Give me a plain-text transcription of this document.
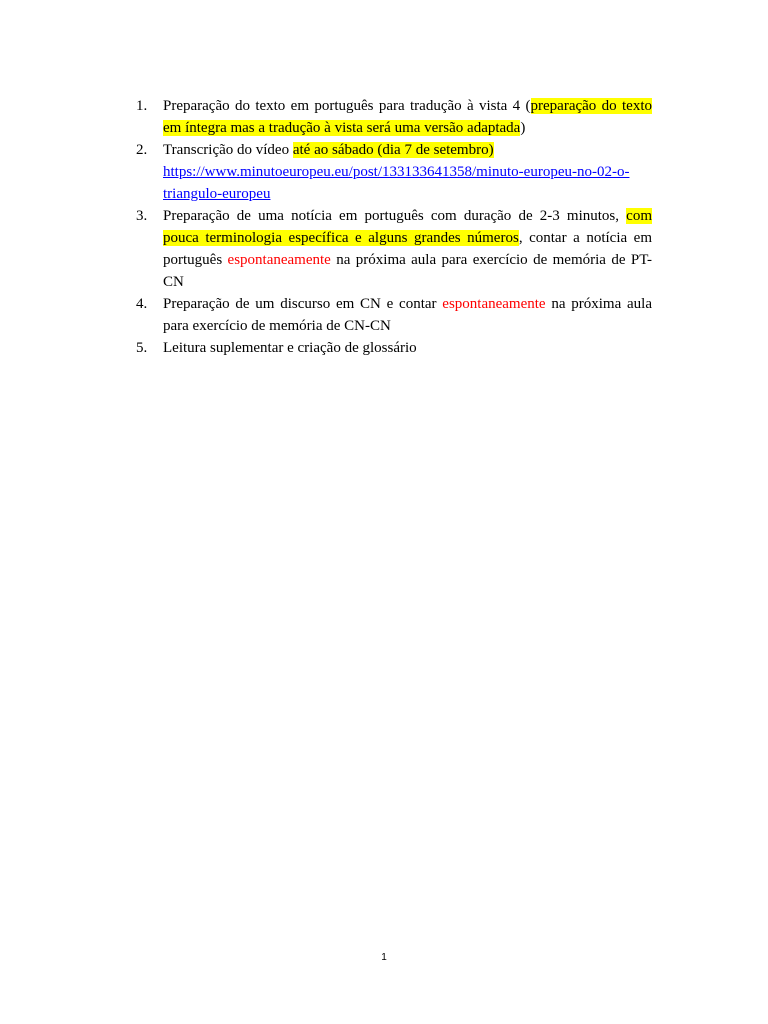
1.	Preparação do texto em português para tradução à vista 4 (preparação do texto em íntegra mas a tradução à vista será uma versão adaptada)
2.	Transcrição do vídeo até ao sábado (dia 7 de setembro)
https://www.minutoeuropeu.eu/post/133133641358/minuto-europeu-no-02-o-
triangulo-europeu
3.	Preparação de uma notícia em português com duração de 2-3 minutos, com pouca terminologia específica e alguns grandes números, contar a notícia em português espontaneamente na próxima aula para exercício de memória de PT-CN
4.	Preparação de um discurso em CN e contar espontaneamente na próxima aula para exercício de memória de CN-CN
5.	Leitura suplementar e criação de glossário
1
